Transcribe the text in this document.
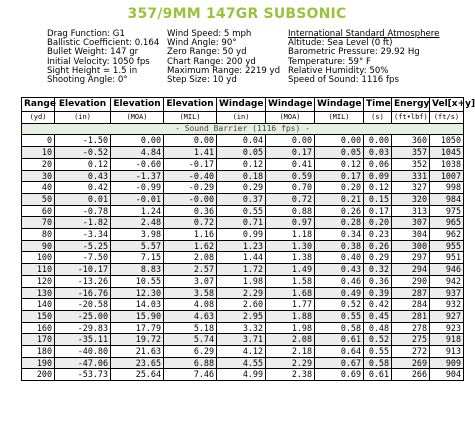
357/9MM 147GR SUBSONIC
Drag Function: G1
Ballistic Coefficient: 0.164
Bullet Weight: 147 gr
Initial Velocity: 1050 fps
Sight Height = 1.5 in
Shooting Angle: 0°
Wind Speed: 5 mph
Wind Angle: 90°
Zero Range: 50 yd
Chart Range: 200 yd
Maximum Range: 2219 yd
Step Size: 10 yd
International Standard Atmosphere
Altitude: Sea Level (0 ft)
Barometric Pressure: 29.92 Hg
Temperature: 59° F
Relative Humidity: 50%
Speed of Sound: 1116 fps
Range	Elevation	Elevation	Elevation	Windage	Windage	Windage	Time	Energy	Vel[x+y]
(yd)	(in)	(MOA)	(MIL)	(in)	(MOA)	(MIL)	(s)	(ft•lbf)	(ft/s)
- Sound Barrier (1116 fps) -									
0	-1.50	0.00	0.00	0.04	0.00	0.00	0.00	360	1050
10	-0.52	4.84	1.41	0.05	0.17	0.05	0.03	357	1045
20	0.12	-0.60	-0.17	0.12	0.41	0.12	0.06	352	1038
30	0.43	-1.37	-0.40	0.18	0.59	0.17	0.09	331	1007
40	0.42	-0.99	-0.29	0.29	0.70	0.20	0.12	327	998
50	0.01	-0.01	-0.00	0.37	0.72	0.21	0.15	320	984
60	-0.78	1.24	0.36	0.55	0.88	0.26	0.17	313	975
70	-1.82	2.48	0.72	0.71	0.97	0.28	0.20	307	965
80	-3.34	3.98	1.16	0.99	1.18	0.34	0.23	304	962
90	-5.25	5.57	1.62	1.23	1.30	0.38	0.26	300	955
100	-7.50	7.15	2.08	1.44	1.38	0.40	0.29	297	951
110	-10.17	8.83	2.57	1.72	1.49	0.43	0.32	294	946
120	-13.26	10.55	3.07	1.98	1.58	0.46	0.36	290	942
130	-16.76	12.30	3.58	2.29	1.68	0.49	0.39	287	937
140	-20.58	14.03	4.08	2.60	1.77	0.52	0.42	284	932
150	-25.00	15.90	4.63	2.95	1.88	0.55	0.45	281	927
160	-29.83	17.79	5.18	3.32	1.98	0.58	0.48	278	923
170	-35.11	19.72	5.74	3.71	2.08	0.61	0.52	275	918
180	-40.80	21.63	6.29	4.12	2.18	0.64	0.55	272	913
190	-47.06	23.65	6.88	4.55	2.29	0.67	0.58	269	909
200	-53.73	25.64	7.46	4.99	2.38	0.69	0.61	266	904
